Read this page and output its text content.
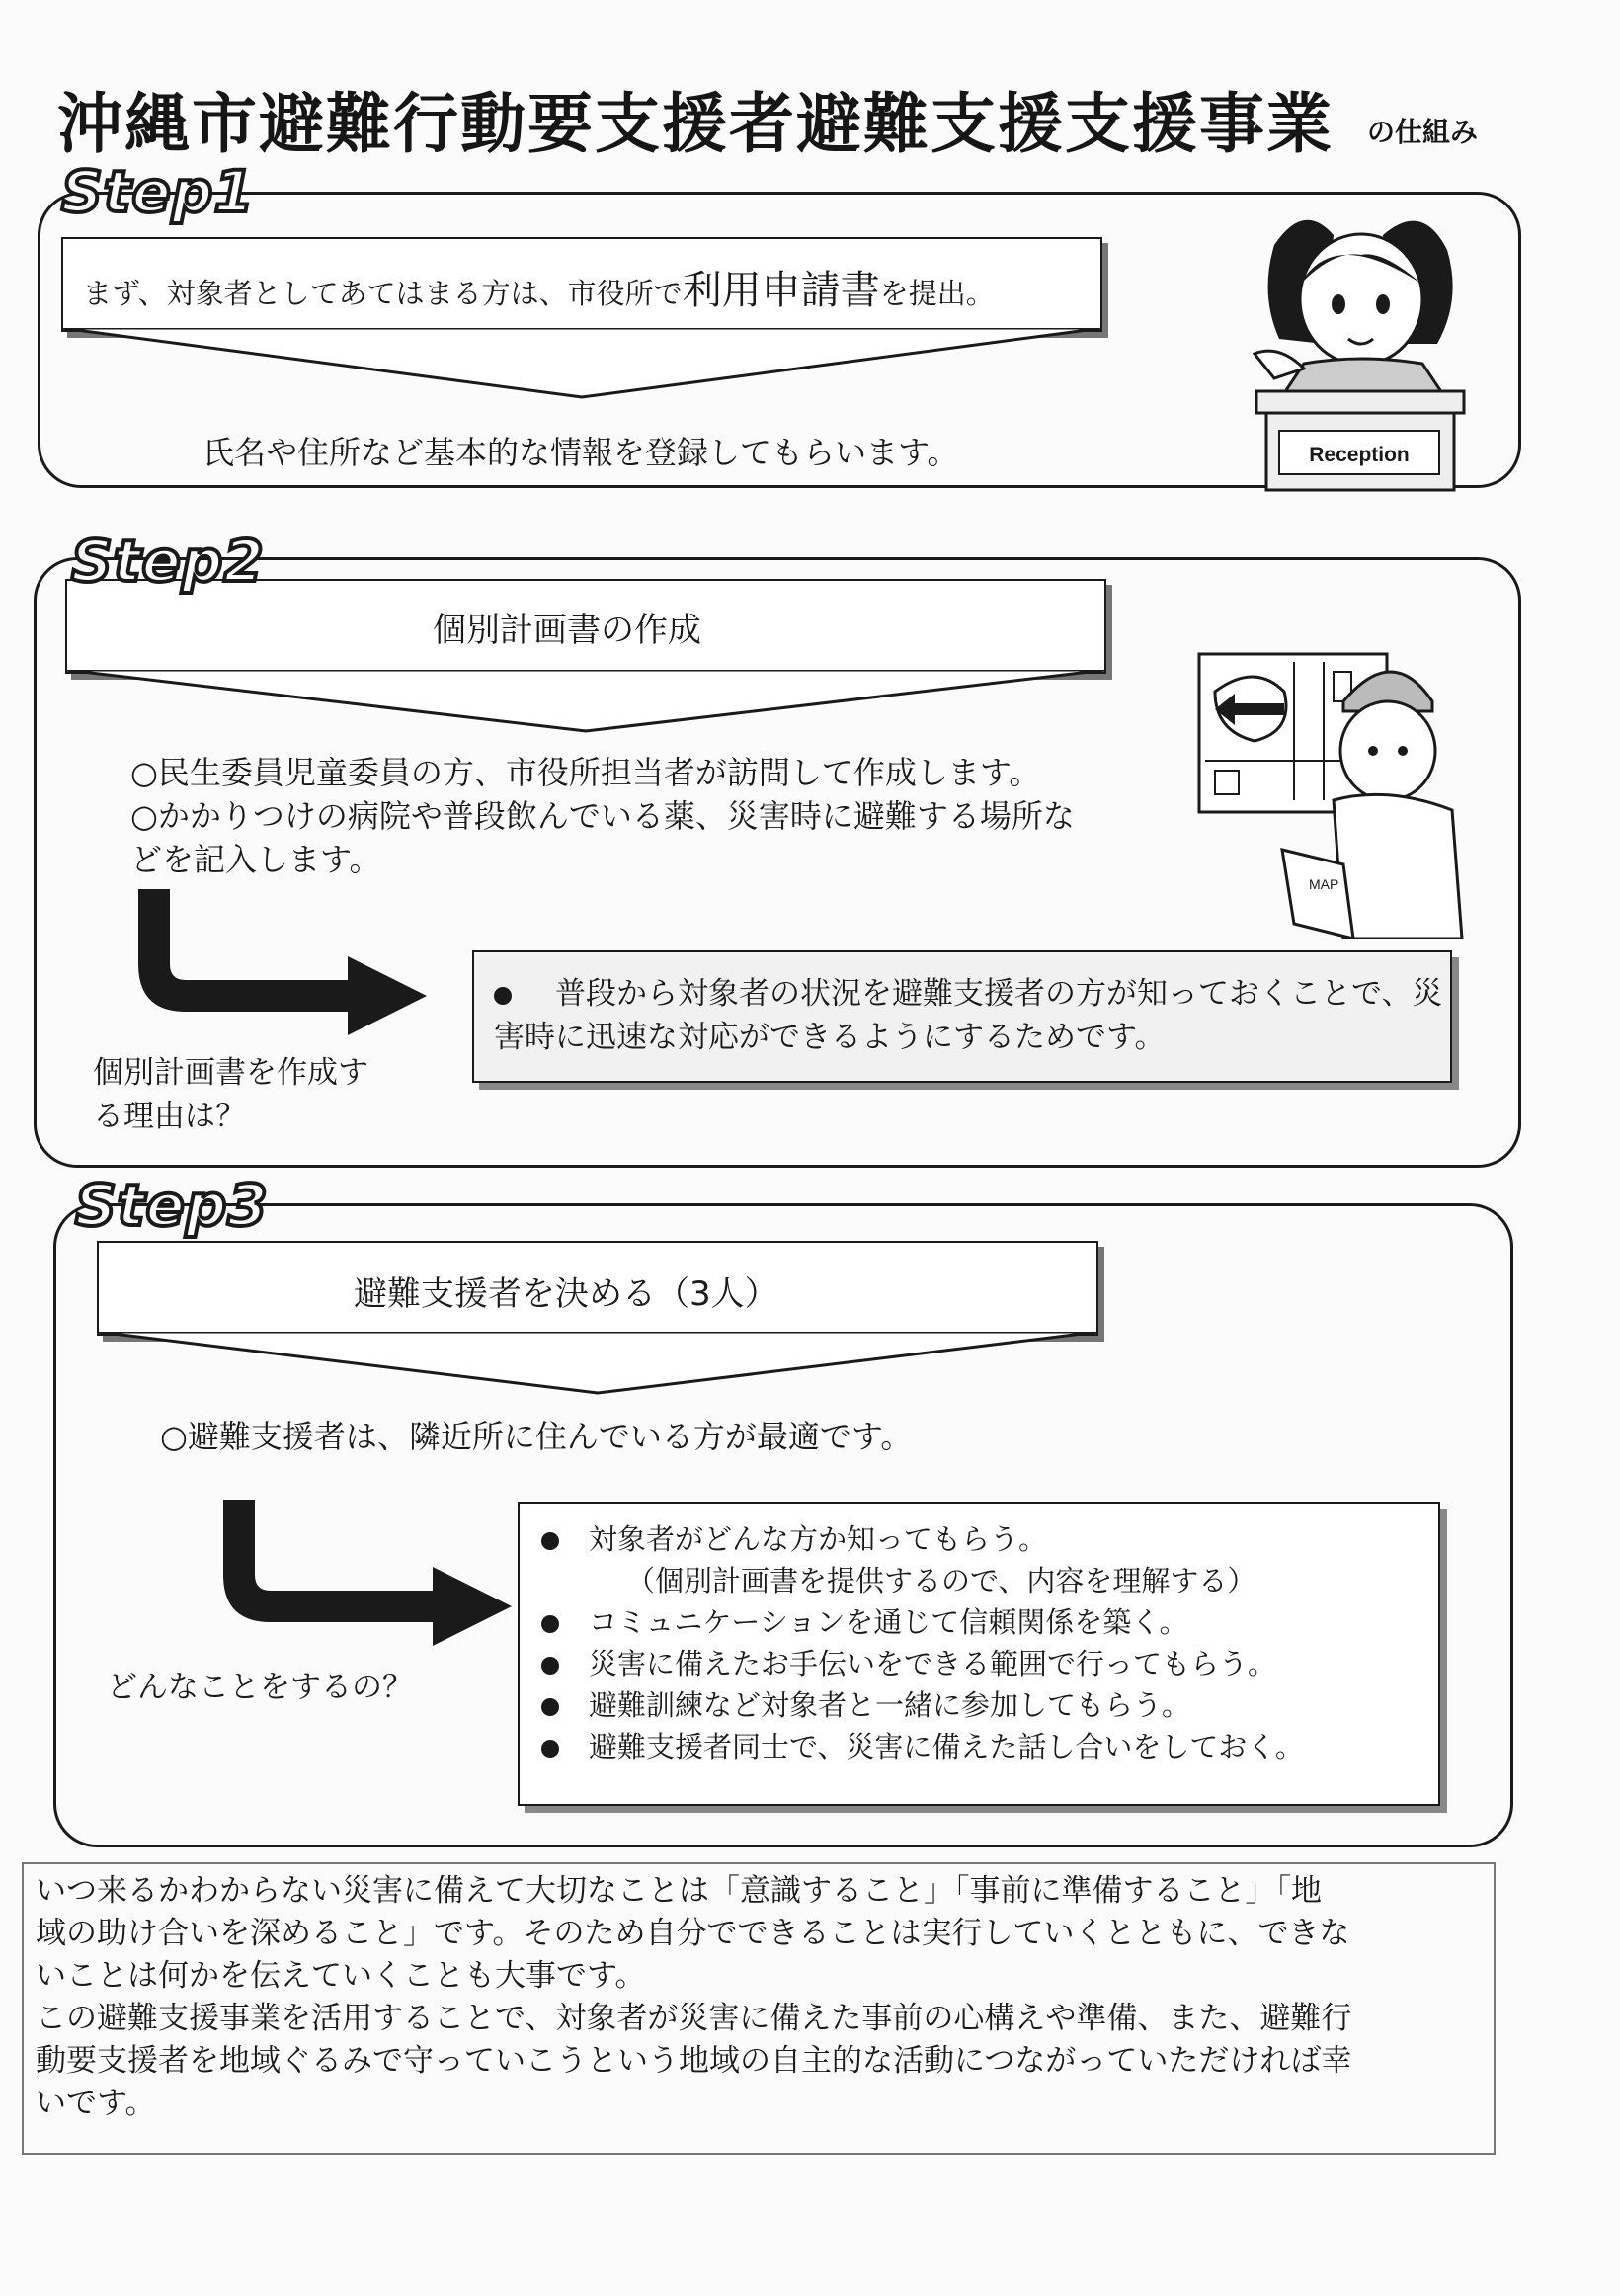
沖縄市避難行動要支援者避難支援支援事業 の仕組み
Step1
まず、対象者としてあてはまる方は、市役所で利用申請書を提出。
氏名や住所など基本的な情報を登録してもらいます。	Reception
Step2
個別計画書の作成
○民生委員児童委員の方、市役所担当者が訪問して作成します。
○かかりつけの病院や普段飲んでいる薬、災害時に避難する場所な
どを記入します。
普段から対象者の状況を避難支援者の方が知っておくことで、災
害時に迅速な対応ができるようにするためです。
個別計画書を作成す
る理由は？
MAP
Step3
避難支援者を決める（3人）
○避難支援者は、隣近所に住んでいる方が最適です。
どんなことをするの？
対象者がどんな方か知ってもらう。
（個別計画書を提供するので、内容を理解する）
コミュニケーションを通じて信頼関係を築く。
災害に備えたお手伝いをできる範囲で行ってもらう。
避難訓練など対象者と一緒に参加してもらう。
避難支援者同士で、災害に備えた話し合いをしておく。

いつ来るかわからない災害に備えて大切なことは「意識すること」「事前に準備すること」「地

域の助け合いを深めること」です。そのため自分でできることは実行していくとともに、できな

いことは何かを伝えていくことも大事です。

この避難支援事業を活用することで、対象者が災害に備えた事前の心構えや準備、また、避難行

動要支援者を地域ぐるみで守っていこうという地域の自主的な活動につながっていただければ幸

いです。
